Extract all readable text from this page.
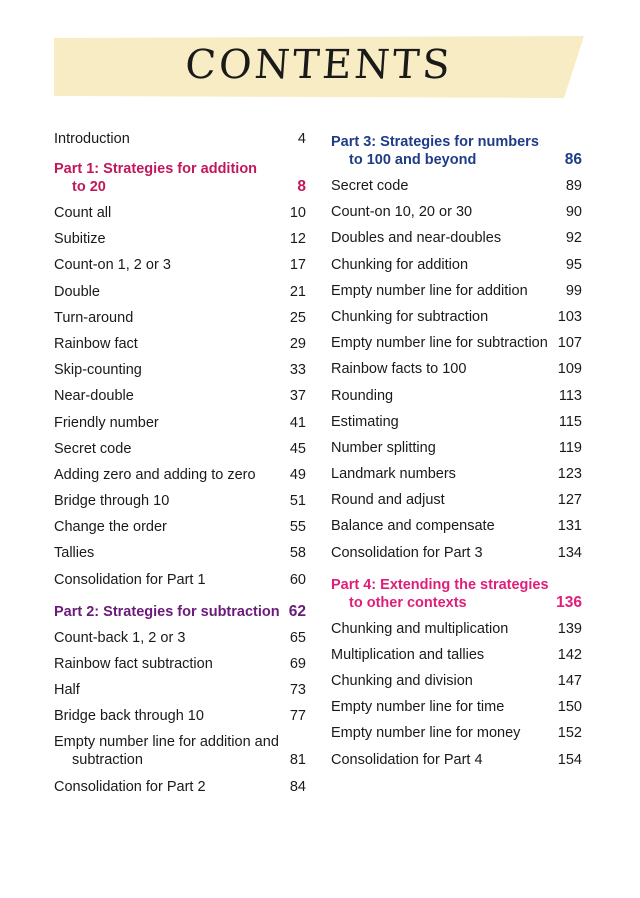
CONTENTS
Introduction	4
Part 1: Strategies for addition
to 20	8
Count all	10
Subitize	12
Count-on 1, 2 or 3	17
Double	21
Turn-around	25
Rainbow fact	29
Skip-counting	33
Near-double	37
Friendly number	41
Secret code	45
Adding zero and adding to zero	49
Bridge through 10	51
Change the order	55
Tallies	58
Consolidation for Part 1	60
Part 2: Strategies for subtraction 62
Count-back 1, 2 or 3	65
Rainbow fact subtraction	69
Half	73
Bridge back through 10	77
Empty number line for addition and
subtraction	81
Consolidation for Part 2	84
Part 3: Strategies for numbers
to 100 and beyond	86
Secret code	89
Count-on 10, 20 or 30	90
Doubles and near-doubles	92
Chunking for addition	95
Empty number line for addition	99
Chunking for subtraction	103
Empty number line for subtraction 107
Rainbow facts to 100	109
Rounding	113
Estimating	115
Number splitting	119
Landmark numbers	123
Round and adjust	127
Balance and compensate	131
Consolidation for Part 3	134
Part 4: Extending the strategies
to other contexts	136
Chunking and multiplication	139
Multiplication and tallies	142
Chunking and division	147
Empty number line for time	150
Empty number line for money	152
Consolidation for Part 4	154
